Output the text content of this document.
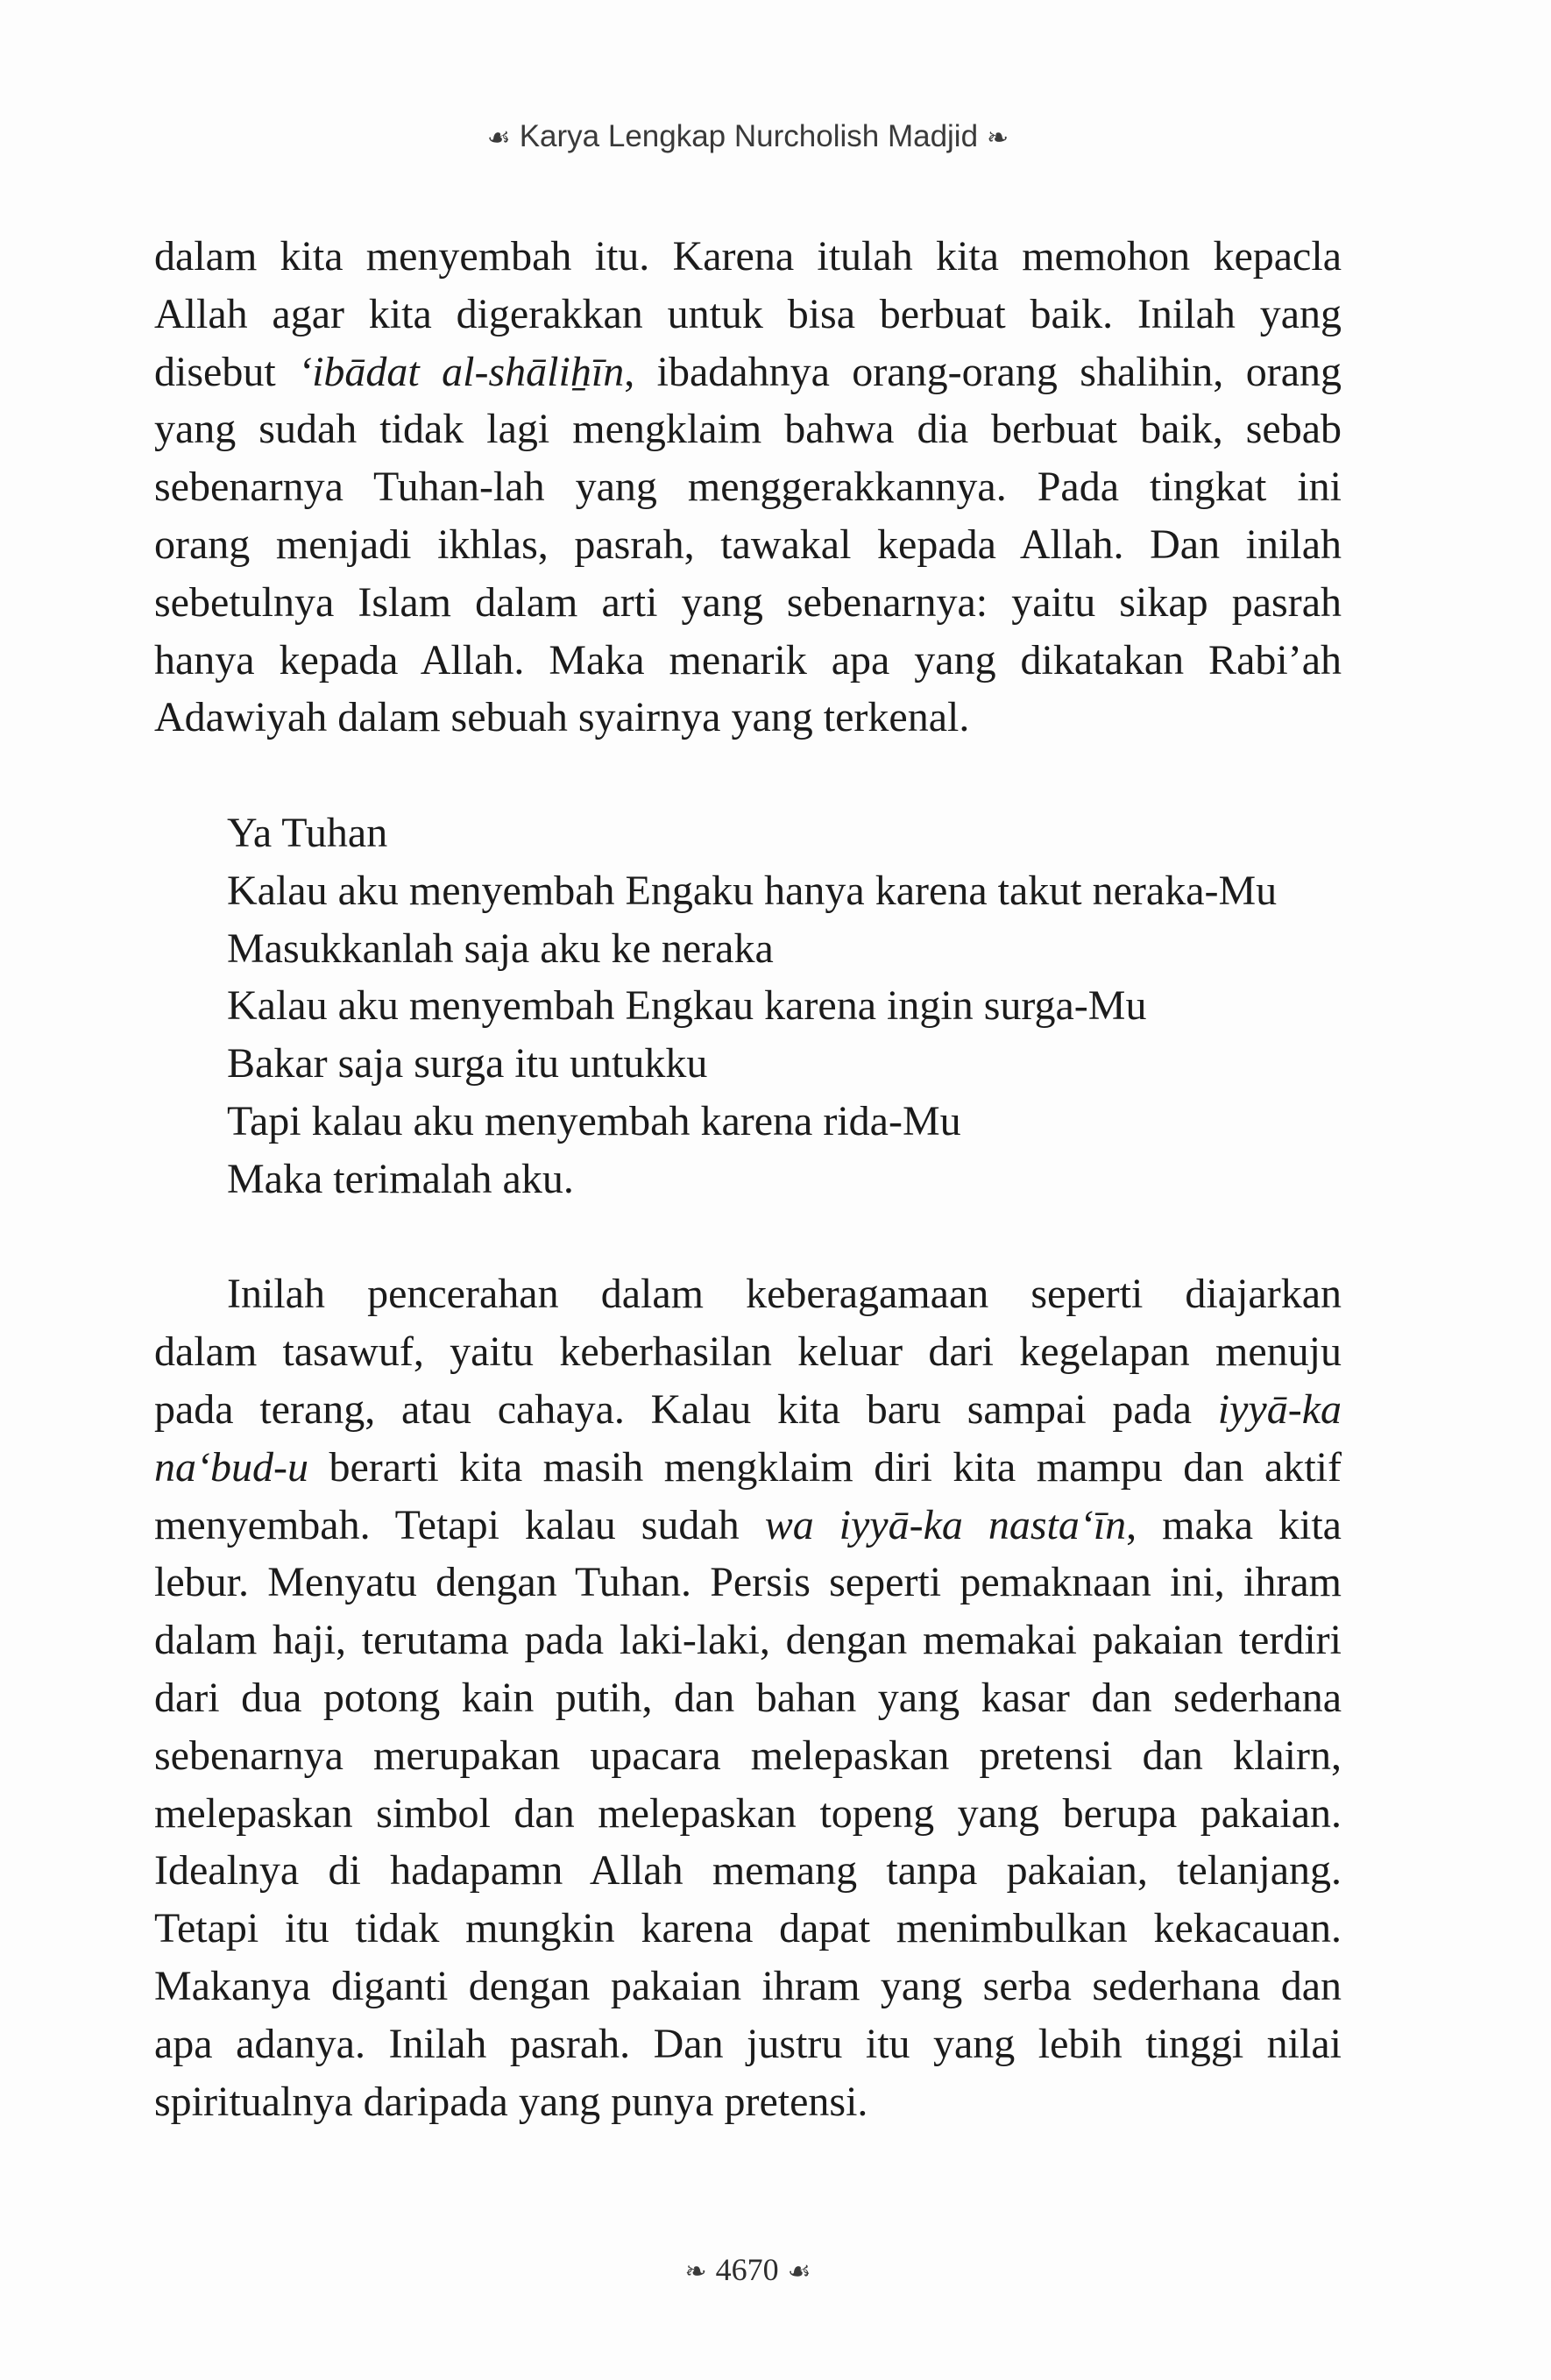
☙Karya Lengkap Nurcholish Madjid❧
dalam kita menyembah itu. Karena itulah kita memohon kepacla
Allah agar kita digerakkan untuk bisa berbuat baik. Inilah yang
disebut ‘ibādat al-shāliẖīn, ibadahnya orang-orang shalihin, orang
yang sudah tidak lagi mengklaim bahwa dia berbuat baik, sebab
sebenarnya Tuhan-lah yang menggerakkannya. Pada tingkat ini
orang menjadi ikhlas, pasrah, tawakal kepada Allah. Dan inilah
sebetulnya Islam dalam arti yang sebenarnya: yaitu sikap pasrah
hanya kepada Allah. Maka menarik apa yang dikatakan Rabi’ah
Adawiyah dalam sebuah syairnya yang terkenal.
Ya Tuhan
Kalau aku menyembah Engaku hanya karena takut neraka-Mu
Masukkanlah saja aku ke neraka
Kalau aku menyembah Engkau karena ingin surga-Mu
Bakar saja surga itu untukku
Tapi kalau aku menyembah karena rida-Mu
Maka terimalah aku.
Inilah pencerahan dalam keberagamaan seperti diajarkan
dalam tasawuf, yaitu keberhasilan keluar dari kegelapan menuju
pada terang, atau cahaya. Kalau kita baru sampai pada iyyā-ka
na‘bud-u berarti kita masih mengklaim diri kita mampu dan aktif
menyembah. Tetapi kalau sudah wa iyyā-ka nasta‘īn, maka kita
lebur. Menyatu dengan Tuhan. Persis seperti pemaknaan ini, ihram
dalam haji, terutama pada laki-laki, dengan memakai pakaian terdiri
dari dua potong kain putih, dan bahan yang kasar dan sederhana
sebenarnya merupakan upacara melepaskan pretensi dan klairn,
melepaskan simbol dan melepaskan topeng yang berupa pakaian.
Idealnya di hadapamn Allah memang tanpa pakaian, telanjang.
Tetapi itu tidak mungkin karena dapat menimbulkan kekacauan.
Makanya diganti dengan pakaian ihram yang serba sederhana dan
apa adanya. Inilah pasrah. Dan justru itu yang lebih tinggi nilai
spiritualnya daripada yang punya pretensi.
❧4670☙
